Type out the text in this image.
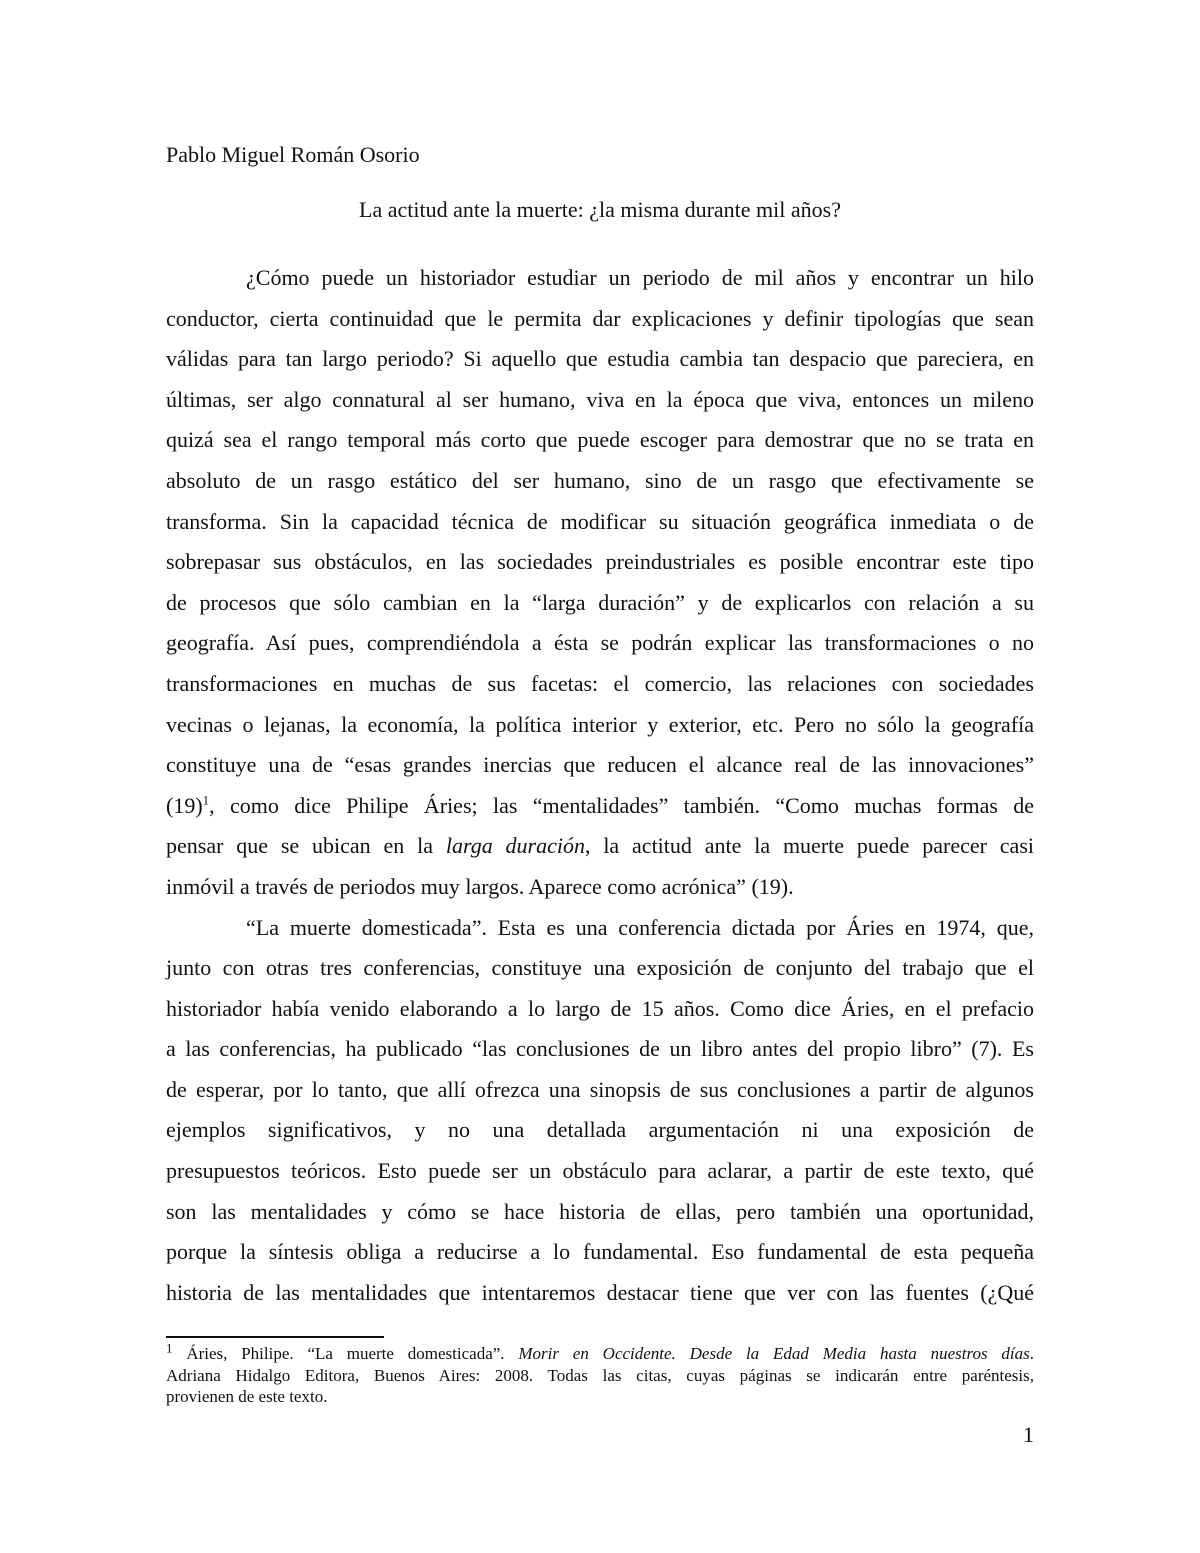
Pablo Miguel Román Osorio
La actitud ante la muerte: ¿la misma durante mil años?
¿Cómo puede un historiador estudiar un periodo de mil años y encontrar un hilo
conductor, cierta continuidad que le permita dar explicaciones y definir tipologías que sean
válidas para tan largo periodo? Si aquello que estudia cambia tan despacio que pareciera, en
últimas, ser algo connatural al ser humano, viva en la época que viva, entonces un mileno
quizá sea el rango temporal más corto que puede escoger para demostrar que no se trata en
absoluto de un rasgo estático del ser humano, sino de un rasgo que efectivamente se
transforma. Sin la capacidad técnica de modificar su situación geográfica inmediata o de
sobrepasar sus obstáculos, en las sociedades preindustriales es posible encontrar este tipo
de procesos que sólo cambian en la “larga duración” y de explicarlos con relación a su
geografía. Así pues, comprendiéndola a ésta se podrán explicar las transformaciones o no
transformaciones en muchas de sus facetas: el comercio, las relaciones con sociedades
vecinas o lejanas, la economía, la política interior y exterior, etc. Pero no sólo la geografía
constituye una de “esas grandes inercias que reducen el alcance real de las innovaciones”
$(19)^1$, como dice Philipe Áries; las “mentalidades” también. “Como muchas formas de
pensar que se ubican en la larga duración, la actitud ante la muerte puede parecer casi
inmóvil a través de periodos muy largos. Aparece como acrónica” (19).
“La muerte domesticada”. Esta es una conferencia dictada por Áries en 1974, que,
junto con otras tres conferencias, constituye una exposición de conjunto del trabajo que el
historiador había venido elaborando a lo largo de 15 años. Como dice Áries, en el prefacio
a las conferencias, ha publicado “las conclusiones de un libro antes del propio libro” (7). Es
de esperar, por lo tanto, que allí ofrezca una sinopsis de sus conclusiones a partir de algunos
ejemplos significativos, y no una detallada argumentación ni una exposición de
presupuestos teóricos. Esto puede ser un obstáculo para aclarar, a partir de este texto, qué
son las mentalidades y cómo se hace historia de ellas, pero también una oportunidad,
porque la síntesis obliga a reducirse a lo fundamental. Eso fundamental de esta pequeña
historia de las mentalidades que intentaremos destacar tiene que ver con las fuentes (¿Qué
$^1$ Áries, Philipe. “La muerte domesticada”. Morir en Occidente. Desde la Edad Media hasta nuestros días.
Adriana Hidalgo Editora, Buenos Aires: 2008. Todas las citas, cuyas páginas se indicarán entre paréntesis,
provienen de este texto.
1
